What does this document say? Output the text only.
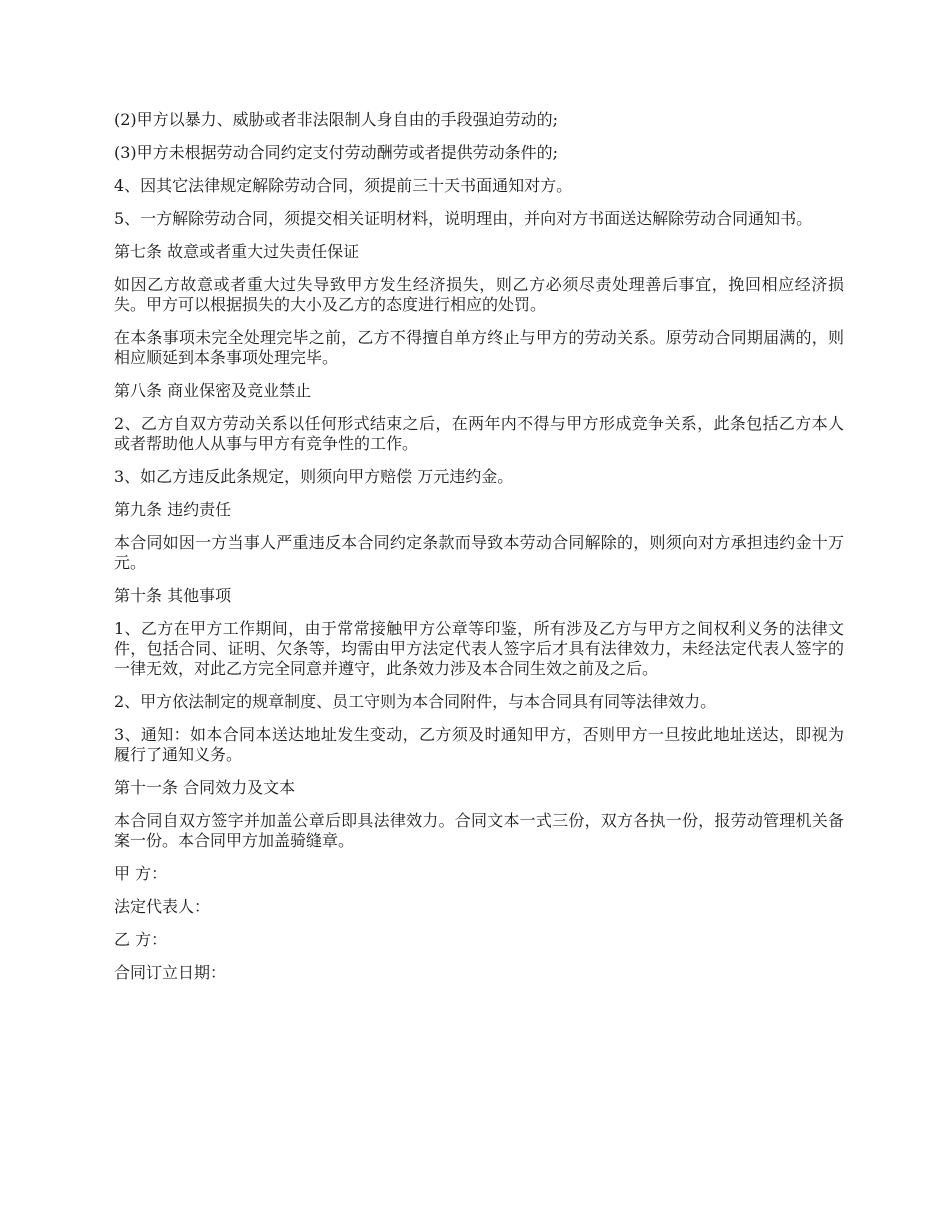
(2)甲方以暴力、威胁或者非法限制人身自由的手段强迫劳动的;

(3)甲方未根据劳动合同约定支付劳动酬劳或者提供劳动条件的;

4、因其它法律规定解除劳动合同，须提前三十天书面通知对方。

5、一方解除劳动合同，须提交相关证明材料，说明理由，并向对方书面送达解除劳动合同通知书。

第七条 故意或者重大过失责任保证

如因乙方故意或者重大过失导致甲方发生经济损失，则乙方必须尽责处理善后事宜，挽回相应经济损失。甲方可以根据损失的大小及乙方的态度进行相应的处罚。

在本条事项未完全处理完毕之前，乙方不得擅自单方终止与甲方的劳动关系。原劳动合同期届满的，则相应顺延到本条事项处理完毕。

第八条 商业保密及竞业禁止

2、乙方自双方劳动关系以任何形式结束之后，在两年内不得与甲方形成竞争关系，此条包括乙方本人或者帮助他人从事与甲方有竞争性的工作。

3、如乙方违反此条规定，则须向甲方赔偿 万元违约金。

第九条 违约责任

本合同如因一方当事人严重违反本合同约定条款而导致本劳动合同解除的，则须向对方承担违约金十万元。

第十条 其他事项

1、乙方在甲方工作期间，由于常常接触甲方公章等印鉴，所有涉及乙方与甲方之间权利义务的法律文件，包括合同、证明、欠条等，均需由甲方法定代表人签字后才具有法律效力，未经法定代表人签字的一律无效，对此乙方完全同意并遵守，此条效力涉及本合同生效之前及之后。

2、甲方依法制定的规章制度、员工守则为本合同附件，与本合同具有同等法律效力。

3、通知：如本合同本送达地址发生变动，乙方须及时通知甲方，否则甲方一旦按此地址送达，即视为履行了通知义务。

第十一条 合同效力及文本

本合同自双方签字并加盖公章后即具法律效力。合同文本一式三份，双方各执一份，报劳动管理机关备案一份。本合同甲方加盖骑缝章。

甲 方：

法定代表人：

乙 方：

合同订立日期：
